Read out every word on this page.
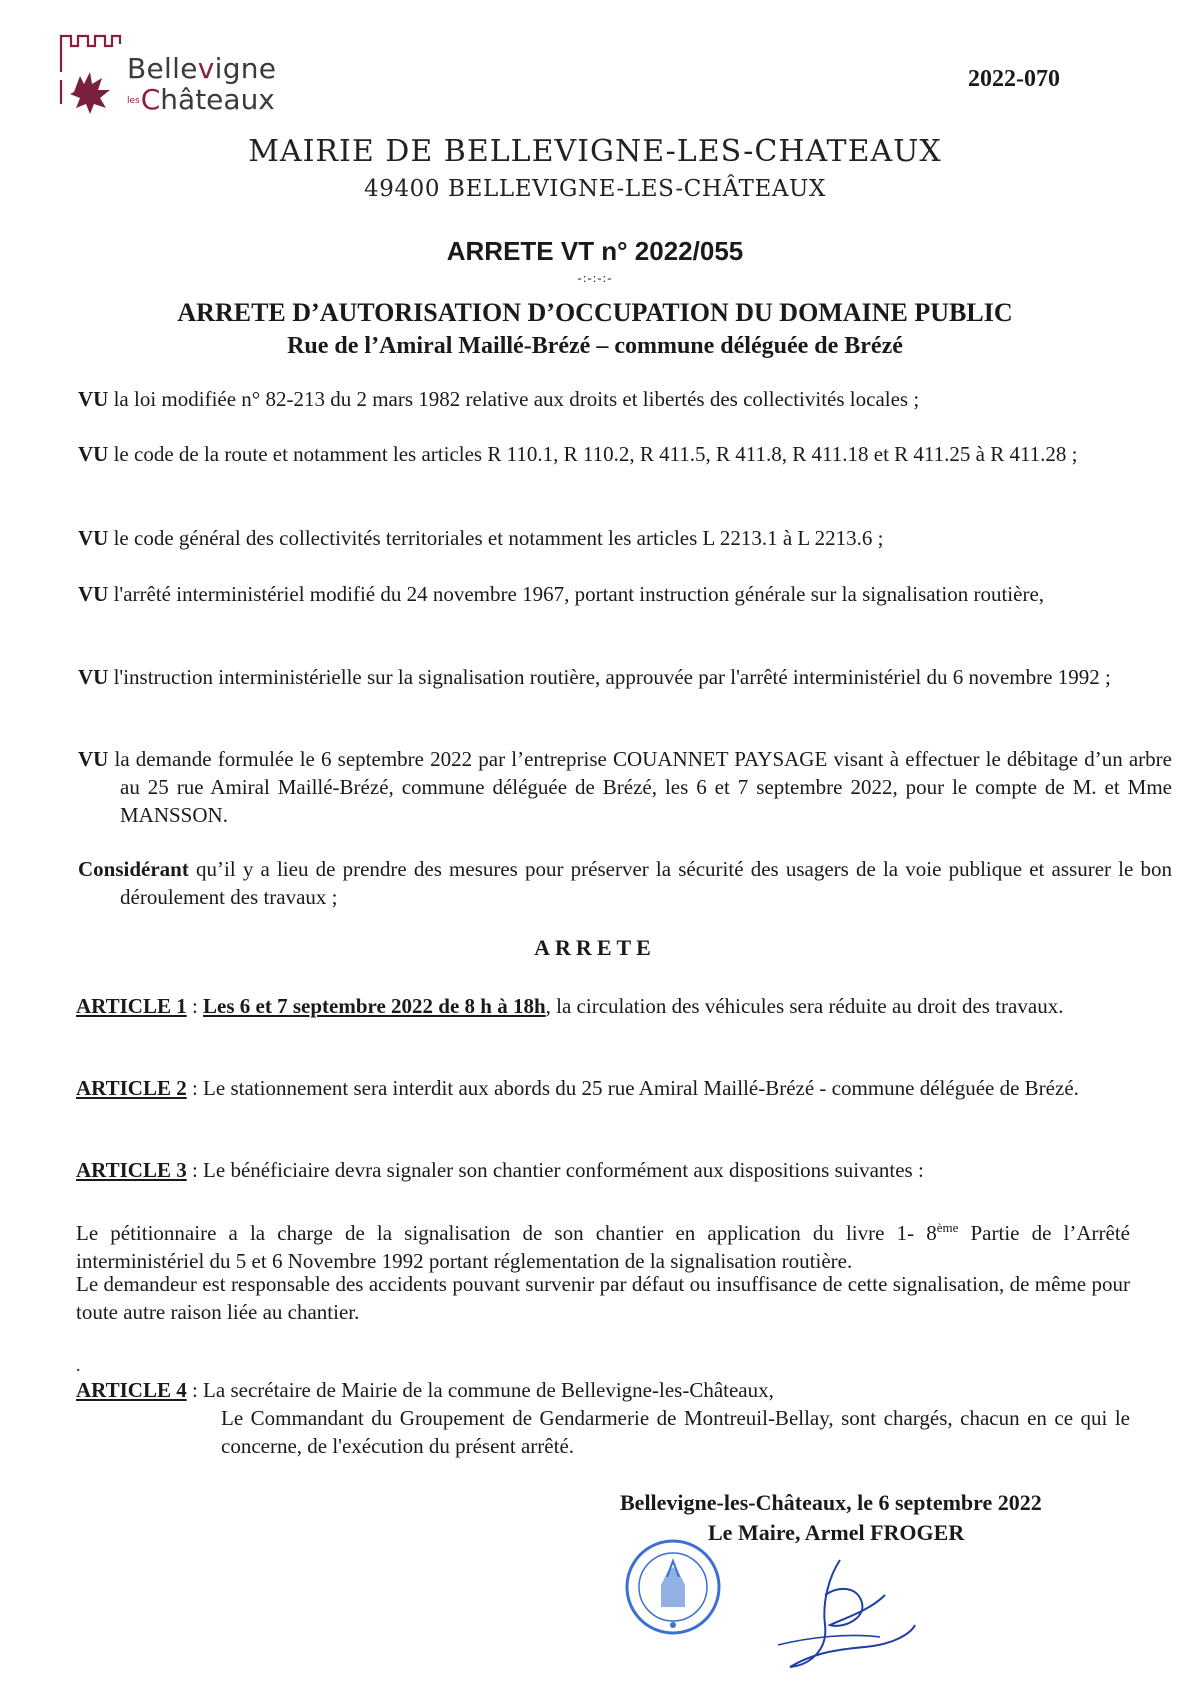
Bellevigne
lesChâteaux
2022-070
MAIRIE DE BELLEVIGNE-LES-CHATEAUX
49400 BELLEVIGNE-LES-CHÂTEAUX
ARRETE VT n° 2022/055
-:-:-:-
ARRETE D’AUTORISATION D’OCCUPATION DU DOMAINE PUBLIC
Rue de l’Amiral Maillé-Brézé – commune déléguée de Brézé
VU la loi modifiée n° 82-213 du 2 mars 1982 relative aux droits et libertés des collectivités locales ;
VU le code de la route et notamment les articles R 110.1, R 110.2, R 411.5, R 411.8, R 411.18 et R 411.25 à R 411.28 ;
VU le code général des collectivités territoriales et notamment les articles L 2213.1 à L 2213.6 ;
VU l'arrêté interministériel modifié du 24 novembre 1967, portant instruction générale sur la signalisation routière,
VU l'instruction interministérielle sur la signalisation routière, approuvée par l'arrêté interministériel du 6 novembre 1992 ;
VU la demande formulée le 6 septembre 2022 par l’entreprise COUANNET PAYSAGE visant à effectuer le débitage d’un arbre au 25 rue Amiral Maillé-Brézé, commune déléguée de Brézé, les 6 et 7 septembre 2022, pour le compte de M. et Mme MANSSON.
Considérant qu’il y a lieu de prendre des mesures pour préserver la sécurité des usagers de la voie publique et assurer le bon déroulement des travaux ;
ARRETE
ARTICLE 1 : Les 6 et 7 septembre 2022 de 8 h à 18h, la circulation des véhicules sera réduite au droit des travaux.
ARTICLE 2 : Le stationnement sera interdit aux abords du 25 rue Amiral Maillé-Brézé - commune déléguée de Brézé.
ARTICLE 3 : Le bénéficiaire devra signaler son chantier conformément aux dispositions suivantes :
Le pétitionnaire a la charge de la signalisation de son chantier en application du livre 1- 8ème Partie de l’Arrêté interministériel du 5 et 6 Novembre 1992 portant réglementation de la signalisation routière.
Le demandeur est responsable des accidents pouvant survenir par défaut ou insuffisance de cette signalisation, de même pour toute autre raison liée au chantier.
.
ARTICLE 4 : La secrétaire de Mairie de la commune de Bellevigne-les-Châteaux,
Le Commandant du Groupement de Gendarmerie de Montreuil-Bellay, sont chargés, chacun en ce qui le concerne, de l'exécution du présent arrêté.
Bellevigne-les-Châteaux, le 6 septembre 2022
Le Maire, Armel FROGER
